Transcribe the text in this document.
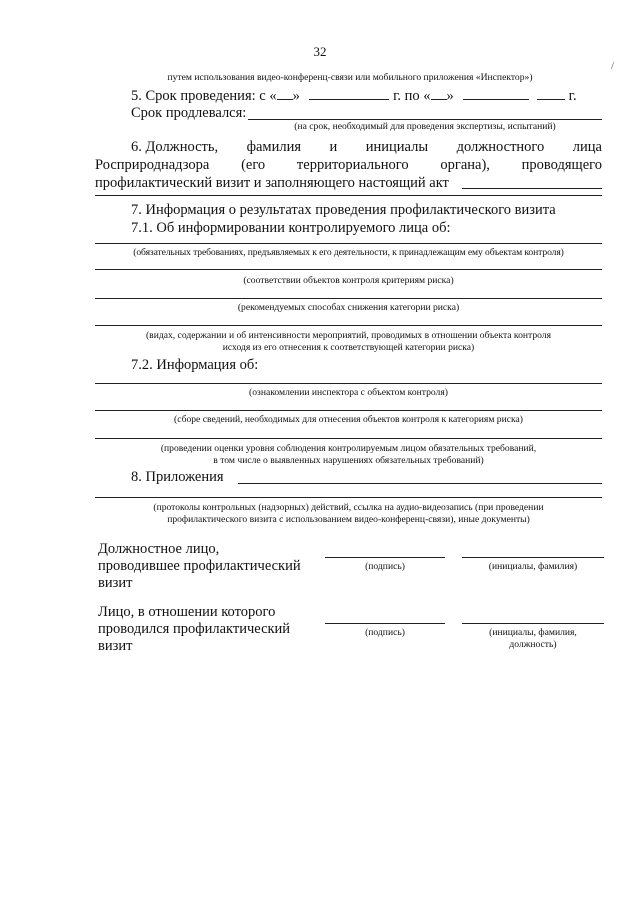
32
/
путем использования видео-конференц-связи или мобильного приложения «Инспектор»)
5. Срок проведения: с « »	г. по « »	г.
Срок продлевался:
(на срок, необходимый для проведения экспертизы, испытаний)
6. Должность, фамилия и инициалы должностного лица
Росприроднадзора (его территориального органа), проводящего
профилактический визит и заполняющего настоящий акт
7. Информация о результатах проведения профилактического визита
7.1. Об информировании контролируемого лица об:
(обязательных требованиях, предъявляемых к его деятельности, к принадлежащим ему объектам контроля)
(соответствии объектов контроля критериям риска)
(рекомендуемых способах снижения категории риска)
(видах, содержании и об интенсивности мероприятий, проводимых в отношении объекта контроля
исходя из его отнесения к соответствующей категории риска)
7.2. Информация об:
(ознакомлении инспектора с объектом контроля)
(сборе сведений, необходимых для отнесения объектов контроля к категориям риска)
(проведении оценки уровня соблюдения контролируемым лицом обязательных требований,
в том числе о выявленных нарушениях обязательных требований)
8. Приложения
(протоколы контрольных (надзорных) действий, ссылка на аудио-видеозапись (при проведении
профилактического визита с использованием видео-конференц-связи), иные документы)
Должностное лицо,
проводившее профилактический
визит
(подпись)	(инициалы, фамилия)
Лицо, в отношении которого
проводился профилактический
визит
(подпись)	(инициалы, фамилия,
должность)
